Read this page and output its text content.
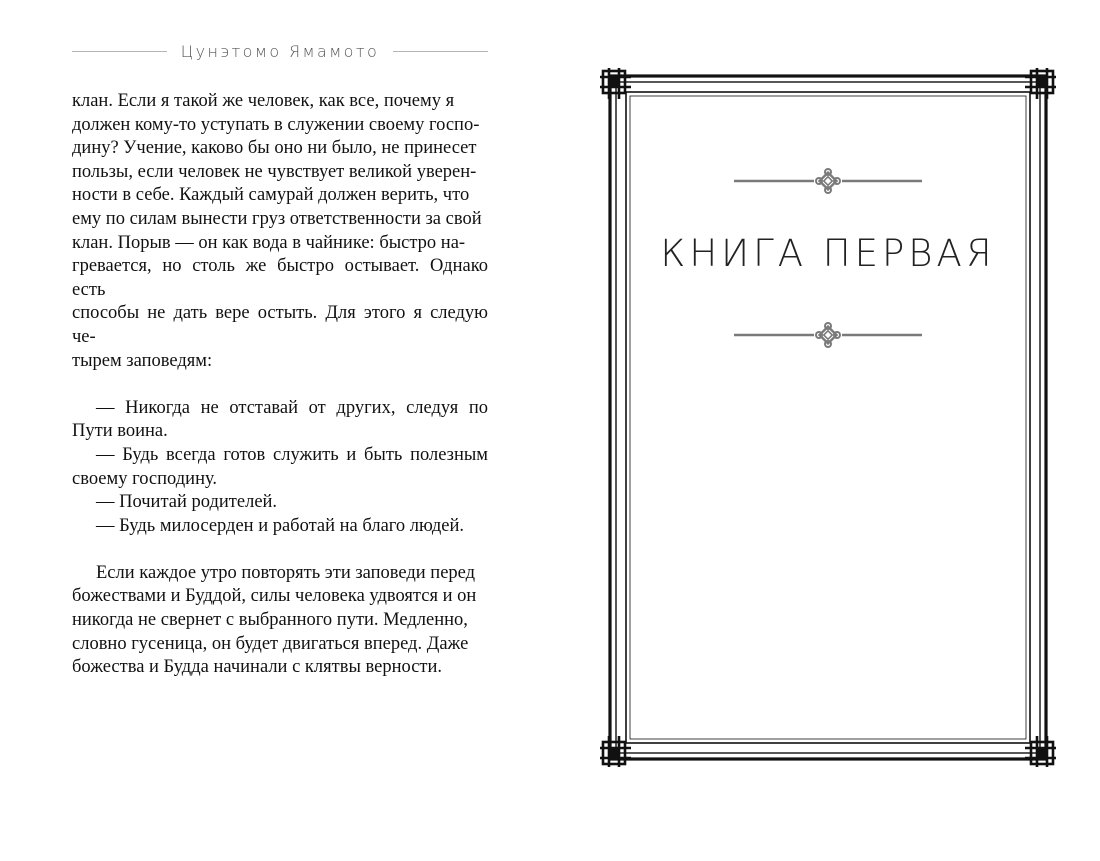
Цунэтомо Ямамото

клан. Если я такой же человек, как все, почему я

должен кому-то уступать в служении своему госпо-

дину? Учение, каково бы оно ни было, не принесет

пользы, если человек не чувствует великой уверен-

ности в себе. Каждый самурай должен верить, что

ему по силам вынести груз ответственности за свой

клан. Порыв — он как вода в чайнике: быстро на-

гревается, но столь же быстро остывает. Однако есть

способы не дать вере остыть. Для этого я следую че-

тырем заповедям:

— Никогда не отставай от других, следуя по Пути воина.
— Будь всегда готов служить и быть полезным своему господину.
— Почитай родителей.
— Будь милосерден и работай на благо людей.

Если каждое утро повторять эти заповеди перед

божествами и Буддой, силы человека удвоятся и он

никогда не свернет с выбранного пути. Медленно,

словно гусеница, он будет двигаться вперед. Даже

божества и Будда начинали с клятвы верности.

КНИГА ПЕРВАЯ
